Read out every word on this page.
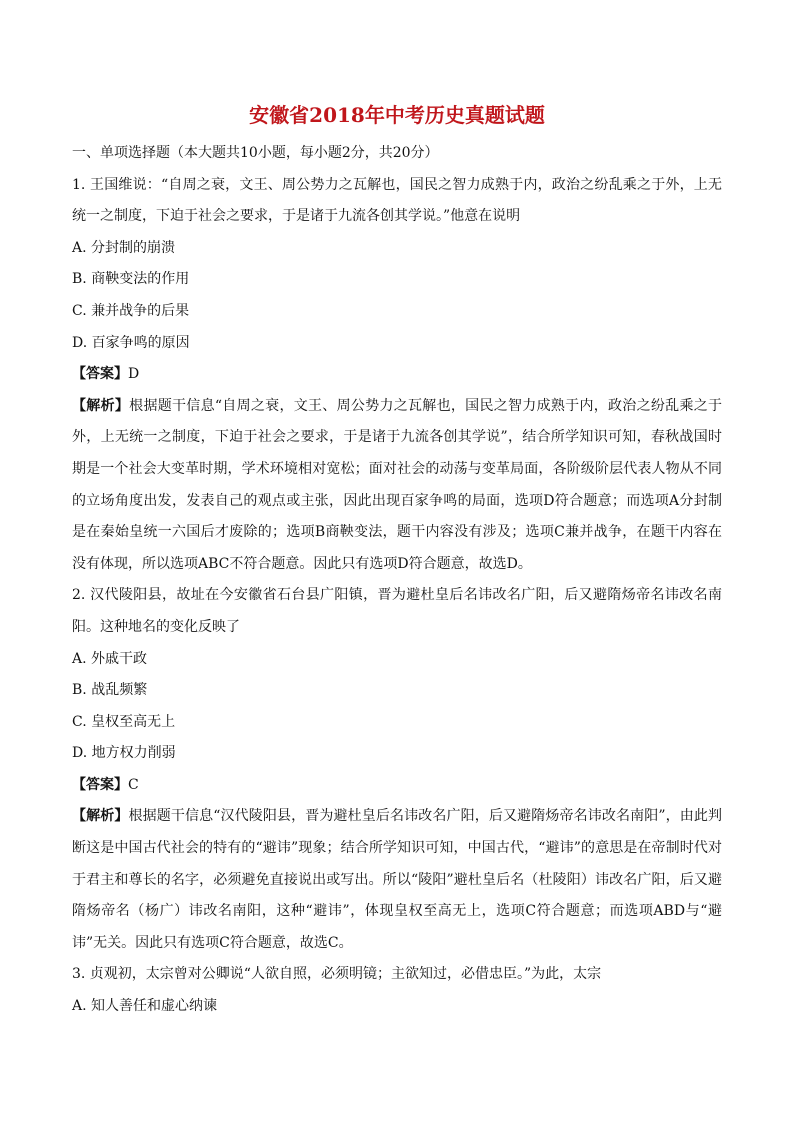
安徽省2018年中考历史真题试题

一、单项选择题（本大题共10小题，每小题2分，共20分）

1. 王国维说：“自周之衰，文王、周公势力之瓦解也，国民之智力成熟于内，政治之纷乱乘之于外，上无统一之制度，下迫于社会之要求，于是诸于九流各创其学说。”他意在说明

A. 分封制的崩溃

B. 商鞅变法的作用

C. 兼并战争的后果

D. 百家争鸣的原因

【答案】D

【解析】根据题干信息“自周之衰，文王、周公势力之瓦解也，国民之智力成熟于内，政治之纷乱乘之于外，上无统一之制度，下迫于社会之要求，于是诸于九流各创其学说”，结合所学知识可知，春秋战国时期是一个社会大变革时期，学术环境相对宽松；面对社会的动荡与变革局面，各阶级阶层代表人物从不同的立场角度出发，发表自己的观点或主张，因此出现百家争鸣的局面，选项D符合题意；而选项A分封制是在秦始皇统一六国后才废除的；选项B商鞅变法，题干内容没有涉及；选项C兼并战争，在题干内容在没有体现，所以选项ABC不符合题意。因此只有选项D符合题意，故选D。

2. 汉代陵阳县，故址在今安徽省石台县广阳镇，晋为避杜皇后名讳改名广阳，后又避隋炀帝名讳改名南阳。这种地名的变化反映了

A. 外戚干政

B. 战乱频繁

C. 皇权至高无上

D. 地方权力削弱

【答案】C

【解析】根据题干信息“汉代陵阳县，晋为避杜皇后名讳改名广阳，后又避隋炀帝名讳改名南阳”，由此判断这是中国古代社会的特有的“避讳”现象；结合所学知识可知，中国古代，“避讳”的意思是在帝制时代对于君主和尊长的名字，必须避免直接说出或写出。所以“陵阳”避杜皇后名（杜陵阳）讳改名广阳，后又避隋炀帝名（杨广）讳改名南阳，这种“避讳”，体现皇权至高无上，选项C符合题意；而选项ABD与“避讳”无关。因此只有选项C符合题意，故选C。

3. 贞观初，太宗曾对公卿说“人欲自照，必须明镜；主欲知过，必借忠臣。”为此，太宗

A. 知人善任和虚心纳谏
